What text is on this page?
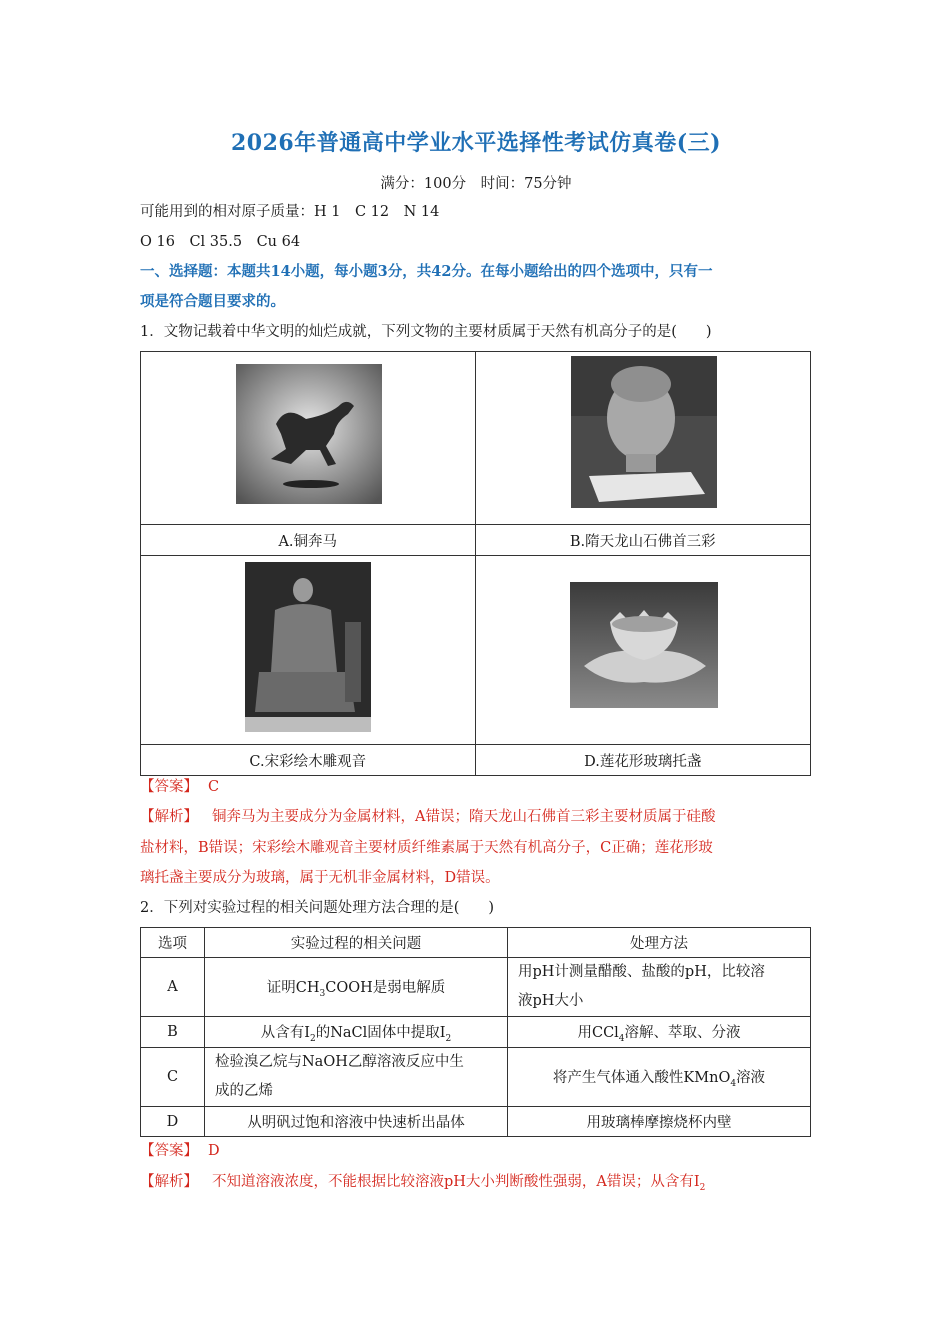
2026年普通高中学业水平选择性考试仿真卷(三)
满分：100分　时间：75分钟
可能用到的相对原子质量：H 1　C 12　N 14
O 16　Cl 35.5　Cu 64
一、选择题：本题共14小题，每小题3分，共42分。在每小题给出的四个选项中，只有一
项是符合题目要求的。
1．文物记载着中华文明的灿烂成就，下列文物的主要材质属于天然有机高分子的是(　　)

A.铜奔马	B.隋天龙山石佛首三彩

C.宋彩绘木雕观音	D.莲花形玻璃托盏
【答案】 C
【解析】 铜奔马为主要成分为金属材料，A错误；隋天龙山石佛首三彩主要材质属于硅酸
盐材料，B错误；宋彩绘木雕观音主要材质纤维素属于天然有机高分子，C正确；莲花形玻
璃托盏主要成分为玻璃，属于无机非金属材料，D错误。
2．下列对实验过程的相关问题处理方法合理的是(　　)
选项	实验过程的相关问题	处理方法
A	证明$CH_3COOH$是弱电解质	用pH计测量醋酸、盐酸的pH，比较溶
液pH大小

B	从含有$I_2$的NaCl固体中提取$I_2$	用CCl$_4$溶解、萃取、分液
C	检验溴乙烷与NaOH乙醇溶液反应中生
成的乙烯	将产生气体通入酸性KMnO$_4$溶液
D	从明矾过饱和溶液中快速析出晶体	用玻璃棒摩擦烧杯内壁
【答案】 D
【解析】 不知道溶液浓度，不能根据比较溶液pH大小判断酸性强弱，A错误；从含有$I_2$
